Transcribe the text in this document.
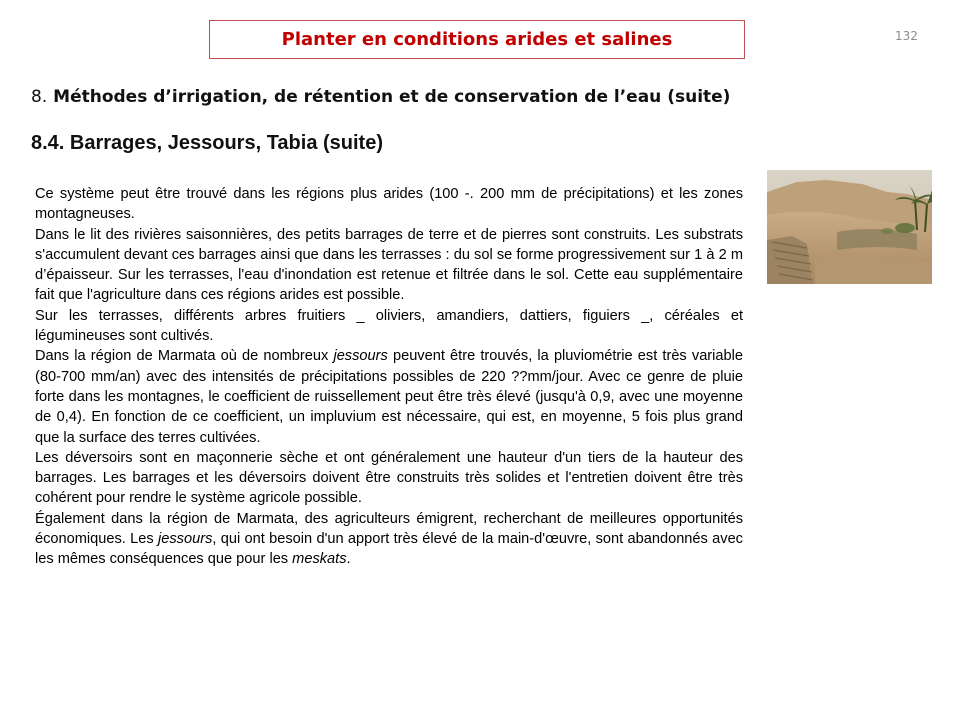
Planter en conditions arides et salines	132
8. Méthodes d’irrigation, de rétention et de conservation de l’eau (suite)
8.4. Barrages, Jessours, Tabia (suite)

Ce système peut être trouvé dans les régions plus arides (100 -. 200 mm de précipitations) et les zones montagneuses.

Dans le lit des rivières saisonnières, des petits barrages de terre et de pierres sont construits. Les substrats s'accumulent devant ces barrages ainsi que dans les terrasses : du sol se forme progressivement sur 1 à 2 m d’épaisseur. Sur les terrasses, l'eau d'inondation est retenue et filtrée dans le sol. Cette eau supplémentaire fait que l'agriculture dans ces régions arides est possible.

Sur les terrasses, différents arbres fruitiers _ oliviers, amandiers, dattiers, figuiers _, céréales et légumineuses sont cultivés.

Dans la région de Marmata où de nombreux jessours peuvent être trouvés, la pluviométrie est très variable (80-700 mm/an) avec des intensités de précipitations possibles de 220 ??mm/jour. Avec ce genre de pluie forte dans les montagnes, le coefficient de ruissellement peut être très élevé (jusqu'à 0,9, avec une moyenne de 0,4). En fonction de ce coefficient, un impluvium est nécessaire, qui est, en moyenne, 5 fois plus grand que la surface des terres cultivées.

Les déversoirs sont en maçonnerie sèche et ont généralement une hauteur d'un tiers de la hauteur des barrages. Les barrages et les déversoirs doivent être construits très solides et l'entretien doivent être très cohérent pour rendre le système agricole possible.

Également dans la région de Marmata, des agriculteurs émigrent, recherchant de meilleures opportunités économiques. Les jessours, qui ont besoin d'un apport très élevé de la main-d'œuvre, sont abandonnés avec les mêmes conséquences que pour les meskats.
